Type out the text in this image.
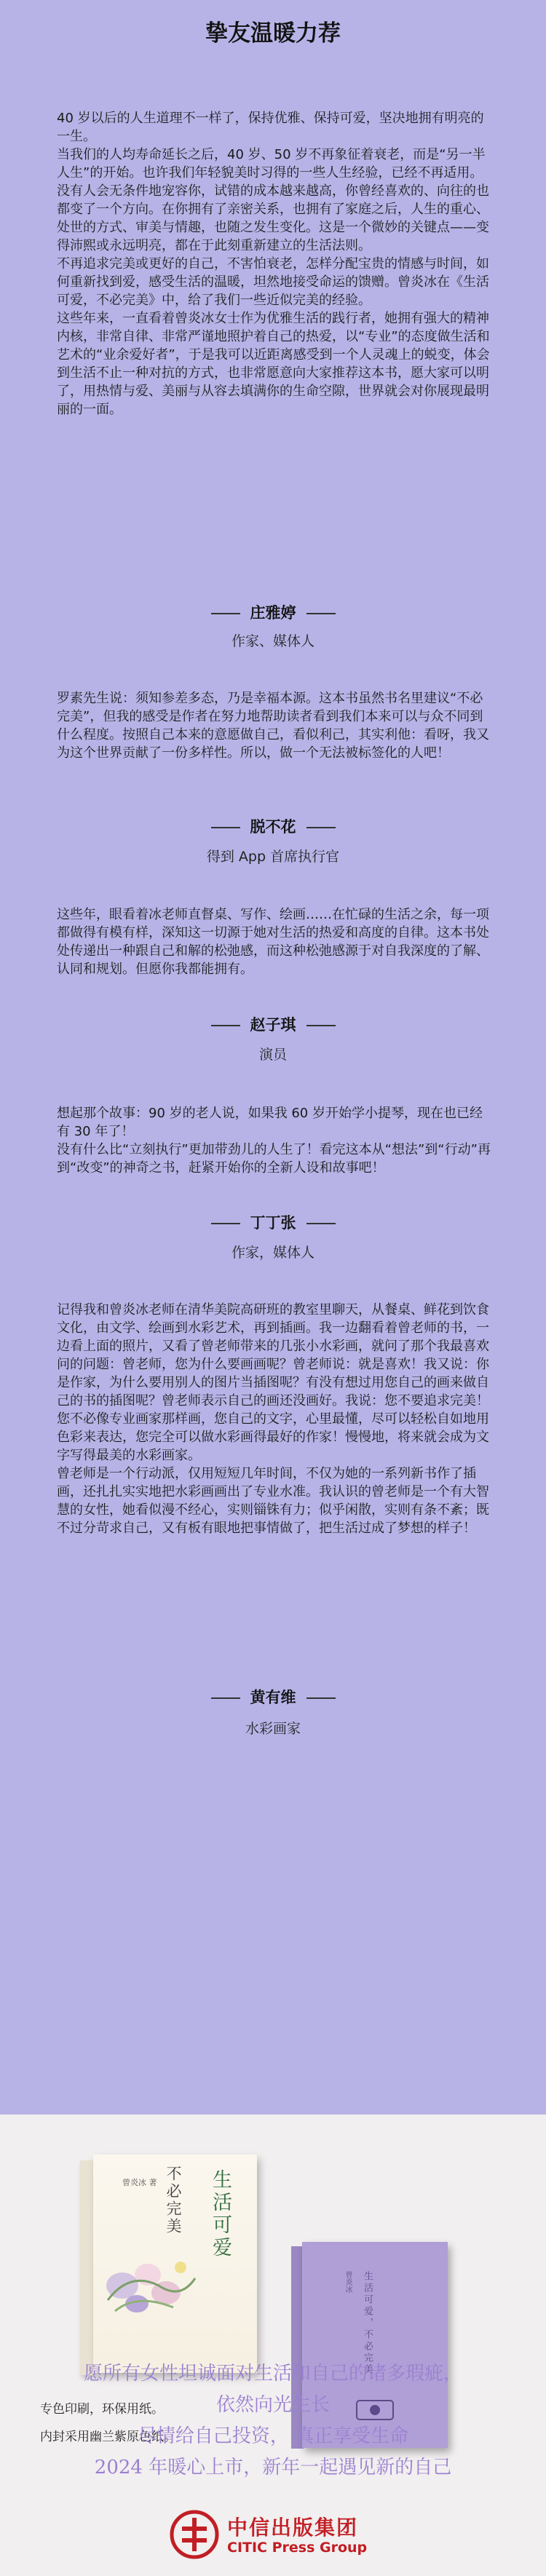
挚友温暖力荐

40 岁以后的人生道理不一样了，保持优雅、保持可爱，坚决地拥有明亮的一生。

当我们的人均寿命延长之后，40 岁、50 岁不再象征着衰老，而是“另一半人生”的开始。也许我们年轻貌美时习得的一些人生经验，已经不再适用。

没有人会无条件地宠容你，试错的成本越来越高，你曾经喜欢的、向往的也都变了一个方向。在你拥有了亲密关系，也拥有了家庭之后，人生的重心、处世的方式、审美与情趣，也随之发生变化。这是一个微妙的关键点——变得沛熙或永远明亮，都在于此刻重新建立的生活法则。

不再追求完美或更好的自己，不害怕衰老，怎样分配宝贵的情感与时间，如何重新找到爱，感受生活的温暖，坦然地接受命运的馈赠。曾炎冰在《生活可爱，不必完美》中，给了我们一些近似完美的经验。

这些年来，一直看着曾炎冰女士作为优雅生活的践行者，她拥有强大的精神内核，非常自律、非常严谨地照护着自己的热爱，以“专业”的态度做生活和艺术的“业余爱好者”，于是我可以近距离感受到一个人灵魂上的蜕变，体会到生活不止一种对抗的方式，也非常愿意向大家推荐这本书，愿大家可以明了，用热情与爱、美丽与从容去填满你的生命空隙，世界就会对你展现最明丽的一面。

庄雅婷
作家、媒体人

罗素先生说：须知参差多态，乃是幸福本源。这本书虽然书名里建议“不必完美”，但我的感受是作者在努力地帮助读者看到我们本来可以与众不同到什么程度。按照自己本来的意愿做自己，看似利己，其实利他：看呀，我又为这个世界贡献了一份多样性。所以，做一个无法被标签化的人吧！

脱不花
得到 App 首席执行官

这些年，眼看着冰老师直督桌、写作、绘画……在忙碌的生活之余，每一项都做得有模有样，深知这一切源于她对生活的热爱和高度的自律。这本书处处传递出一种跟自己和解的松弛感，而这种松弛感源于对自我深度的了解、认同和规划。但愿你我都能拥有。

赵子琪
演员

想起那个故事：90 岁的老人说，如果我 60 岁开始学小提琴，现在也已经有 30 年了！

没有什么比“立刻执行”更加带劲儿的人生了！看完这本从“想法”到“行动”再到“改变”的神奇之书，赶紧开始你的全新人设和故事吧！

丁丁张
作家，媒体人

记得我和曾炎冰老师在清华美院高研班的教室里聊天，从餐桌、鲜花到饮食文化，由文学、绘画到水彩艺术，再到插画。我一边翻看着曾老师的书，一边看上面的照片，又看了曾老师带来的几张小水彩画，就问了那个我最喜欢问的问题：曾老师，您为什么要画画呢？曾老师说：就是喜欢！我又说：你是作家，为什么要用别人的图片当插图呢？有没有想过用您自己的画来做自己的书的插图呢？曾老师表示自己的画还没画好。我说：您不要追求完美！您不必像专业画家那样画，您自己的文字，心里最懂，尽可以轻松自如地用色彩来表达，您完全可以做水彩画得最好的作家！慢慢地，将来就会成为文字写得最美的水彩画家。

曾老师是一个行动派，仅用短短几年时间，不仅为她的一系列新书作了插画，还扎扎实实地把水彩画画出了专业水准。我认识的曾老师是一个有大智慧的女性，她看似漫不经心，实则锱铢有力；似乎闲散，实则有条不紊；既不过分苛求自己，又有板有眼地把事情做了，把生活过成了梦想的样子！

黄有维
水彩画家
生活可爱
不必完美
曾炎冰 著
生活可爱，不必完美
曾炎冰
专色印刷，环保用纸。
内封采用幽兰紫原色纸。
中信出版集团
CITIC Press Group
愿所有女性坦诚面对生活和自己的诸多瑕疵，
依然向光生长
尽情给自己投资， 真正享受生命
2024 年暖心上市，新年一起遇见新的自己
